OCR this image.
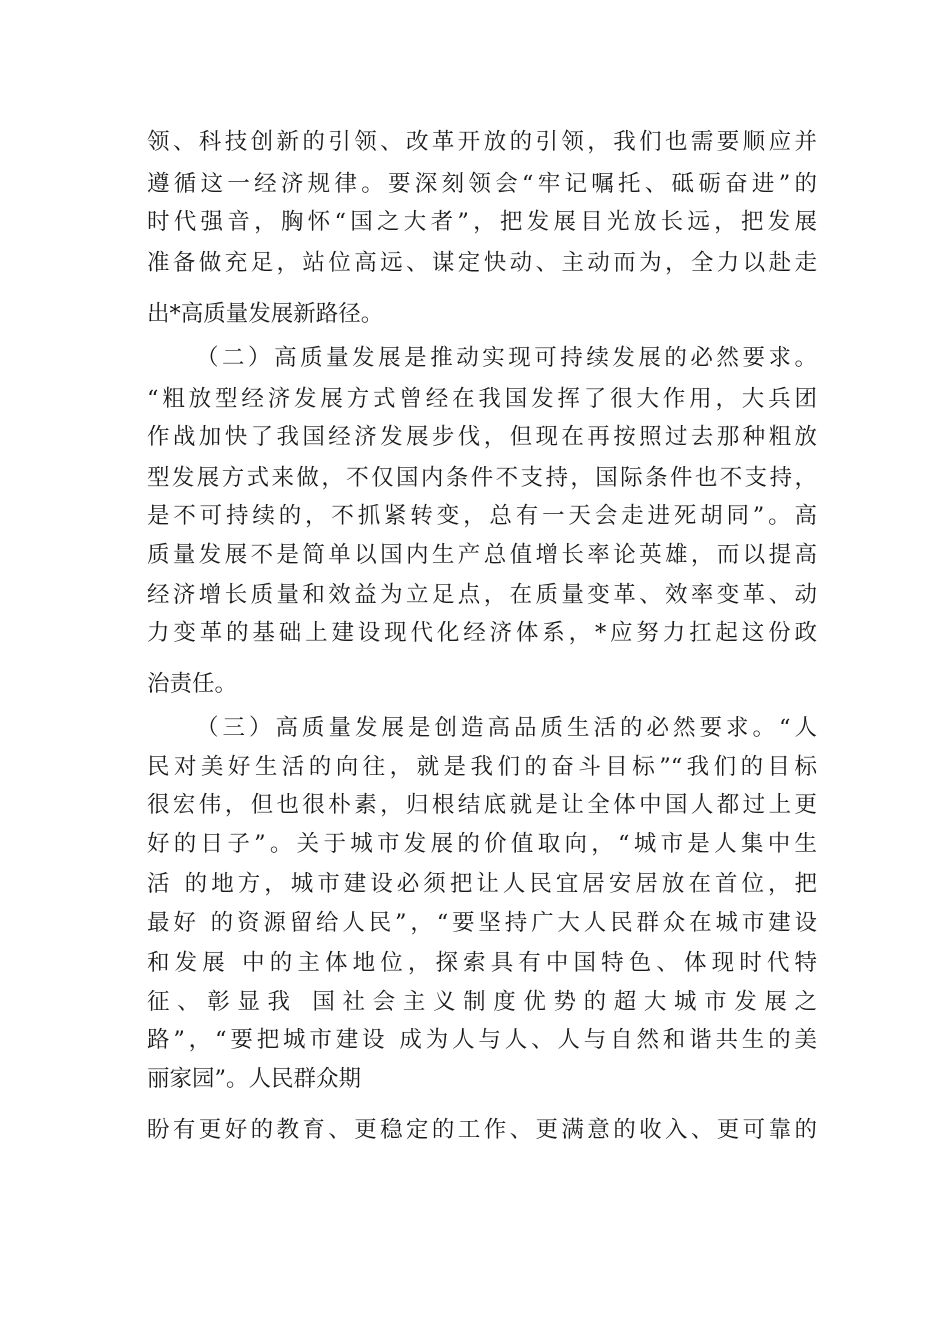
领、科技创新的引领、改革开放的引领，我们也需要顺应并

遵循这一经济规律。要深刻领会“牢记嘱托、砥砺奋进”的

时代强音，胸怀“国之大者”，把发展目光放长远，把发展

准备做充足，站位高远、谋定快动、主动而为，全力以赴走

出*高质量发展新路径。

（二）高质量发展是推动实现可持续发展的必然要求。

“粗放型经济发展方式曾经在我国发挥了很大作用，大兵团

作战加快了我国经济发展步伐，但现在再按照过去那种粗放

型发展方式来做，不仅国内条件不支持，国际条件也不支持，

是不可持续的，不抓紧转变，总有一天会走进死胡同”。高

质量发展不是简单以国内生产总值增长率论英雄，而以提高

经济增长质量和效益为立足点，在质量变革、效率变革、动

力变革的基础上建设现代化经济体系，*应努力扛起这份政

治责任。

（三）高质量发展是创造高品质生活的必然要求。“人

民对美好生活的向往，就是我们的奋斗目标”“我们的目标

很宏伟，但也很朴素，归根结底就是让全体中国人都过上更

好的日子”。关于城市发展的价值取向，“城市是人集中生

活 的地方，城市建设必须把让人民宜居安居放在首位，把

最好 的资源留给人民”，“要坚持广大人民群众在城市建设

和发展 中的主体地位，探索具有中国特色、体现时代特

征、彰显我 国社会主义制度优势的超大城市发展之

路”，“要把城市建设 成为人与人、人与自然和谐共生的美

丽家园”。人民群众期

盼有更好的教育、更稳定的工作、更满意的收入、更可靠的
